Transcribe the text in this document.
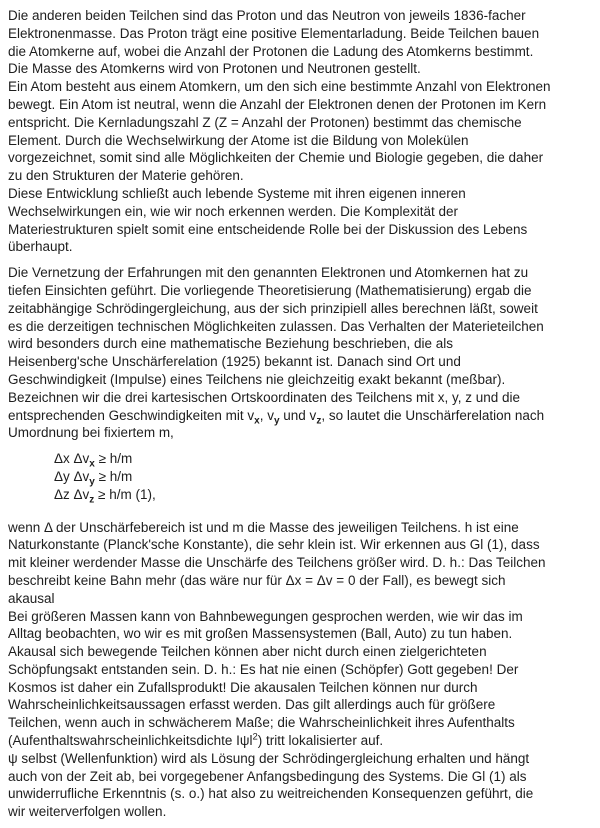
Die anderen beiden Teilchen sind das Proton und das Neutron von jeweils 1836-facher
Elektronenmasse. Das Proton trägt eine positive Elementarladung. Beide Teilchen bauen
die Atomkerne auf, wobei die Anzahl der Protonen die Ladung des Atomkerns bestimmt.
Die Masse des Atomkerns wird von Protonen und Neutronen gestellt.
Ein Atom besteht aus einem Atomkern, um den sich eine bestimmte Anzahl von Elektronen
bewegt. Ein Atom ist neutral, wenn die Anzahl der Elektronen denen der Protonen im Kern
entspricht. Die Kernladungszahl Z (Z = Anzahl der Protonen) bestimmt das chemische
Element. Durch die Wechselwirkung der Atome ist die Bildung von Molekülen
vorgezeichnet, somit sind alle Möglichkeiten der Chemie und Biologie gegeben, die daher
zu den Strukturen der Materie gehören.
Diese Entwicklung schließt auch lebende Systeme mit ihren eigenen inneren
Wechselwirkungen ein, wie wir noch erkennen werden. Die Komplexität der
Materiestrukturen spielt somit eine entscheidende Rolle bei der Diskussion des Lebens
überhaupt.
Die Vernetzung der Erfahrungen mit den genannten Elektronen und Atomkernen hat zu
tiefen Einsichten geführt. Die vorliegende Theoretisierung (Mathematisierung) ergab die
zeitabhängige Schrödingergleichung, aus der sich prinzipiell alles berechnen läßt, soweit
es die derzeitigen technischen Möglichkeiten zulassen. Das Verhalten der Materieteilchen
wird besonders durch eine mathematische Beziehung beschrieben, die als
Heisenberg'sche Unschärferelation (1925) bekannt ist. Danach sind Ort und
Geschwindigkeit (Impulse) eines Teilchens nie gleichzeitig exakt bekannt (meßbar).
Bezeichnen wir die drei kartesischen Ortskoordinaten des Teilchens mit x, y, z und die
entsprechenden Geschwindigkeiten mit $v_x$, $v_y$ und $v_z$, so lautet die Unschärferelation nach
Umordnung bei fixiertem m,
Δx $\Delta v_x \ge h/m$
Δy $\Delta v_y \ge h/m$
Δz $\Delta v_z \ge h/m$ (1),
wenn Δ der Unschärfebereich ist und m die Masse des jeweiligen Teilchens. h ist eine
Naturkonstante (Planck'sche Konstante), die sehr klein ist. Wir erkennen aus Gl (1), dass
mit kleiner werdender Masse die Unschärfe des Teilchens größer wird. D. h.: Das Teilchen
beschreibt keine Bahn mehr (das wäre nur für Δx = Δv = 0 der Fall), es bewegt sich
akausal
Bei größeren Massen kann von Bahnbewegungen gesprochen werden, wie wir das im
Alltag beobachten, wo wir es mit großen Massensystemen (Ball, Auto) zu tun haben.
Akausal sich bewegende Teilchen können aber nicht durch einen zielgerichteten
Schöpfungsakt entstanden sein. D. h.: Es hat nie einen (Schöpfer) Gott gegeben! Der
Kosmos ist daher ein Zufallsprodukt! Die akausalen Teilchen können nur durch
Wahrscheinlichkeitsaussagen erfasst werden. Das gilt allerdings auch für größere
Teilchen, wenn auch in schwächerem Maße; die Wahrscheinlichkeit ihres Aufenthalts
(Aufenthaltswahrscheinlichkeitsdichte Iψl$^2$) tritt lokalisierter auf.
ψ selbst (Wellenfunktion) wird als Lösung der Schrödingergleichung erhalten und hängt
auch von der Zeit ab, bei vorgegebener Anfangsbedingung des Systems. Die Gl (1) als
unwiderrufliche Erkenntnis (s. o.) hat also zu weitreichenden Konsequenzen geführt, die
wir weiterverfolgen wollen.
